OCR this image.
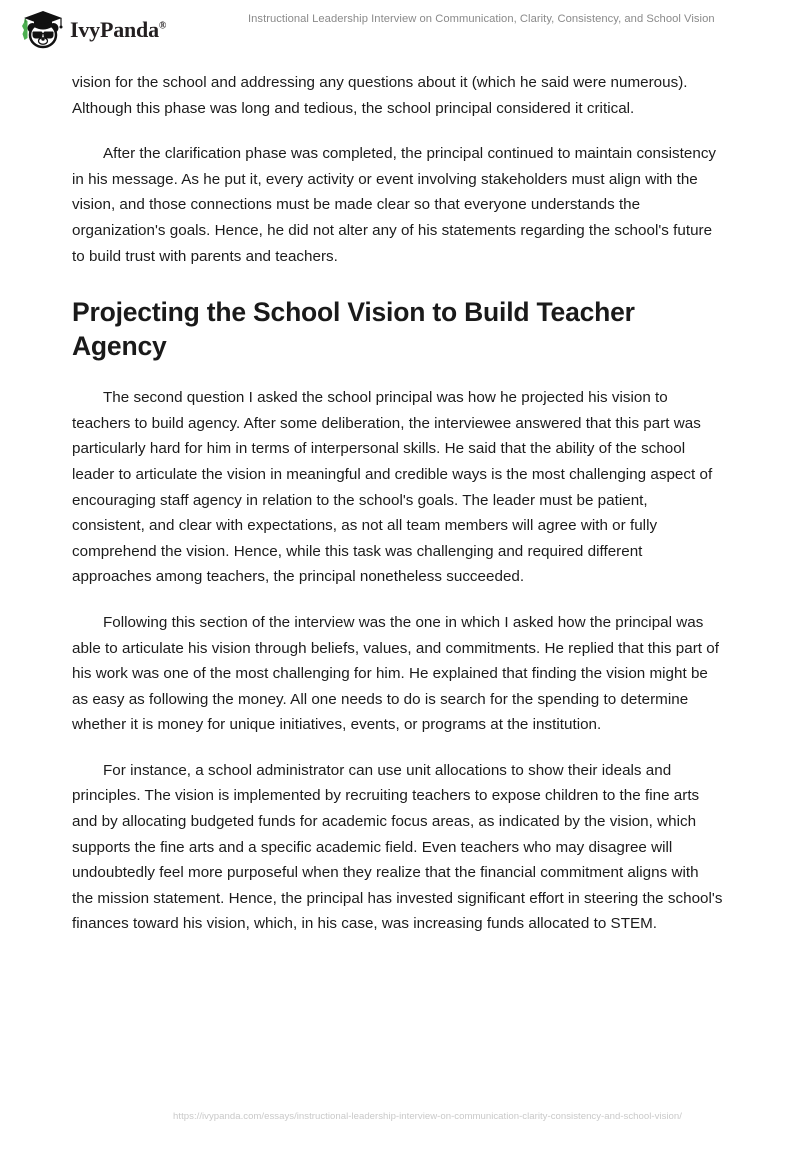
IvyPanda®
Instructional Leadership Interview on Communication, Clarity, Consistency, and School Vision

vision for the school and addressing any questions about it (which he said were numerous). Although this phase was long and tedious, the school principal considered it critical.

After the clarification phase was completed, the principal continued to maintain consistency in his message. As he put it, every activity or event involving stakeholders must align with the vision, and those connections must be made clear so that everyone understands the organization's goals. Hence, he did not alter any of his statements regarding the school's future to build trust with parents and teachers.

Projecting the School Vision to Build Teacher Agency

The second question I asked the school principal was how he projected his vision to teachers to build agency. After some deliberation, the interviewee answered that this part was particularly hard for him in terms of interpersonal skills. He said that the ability of the school leader to articulate the vision in meaningful and credible ways is the most challenging aspect of encouraging staff agency in relation to the school's goals. The leader must be patient, consistent, and clear with expectations, as not all team members will agree with or fully comprehend the vision. Hence, while this task was challenging and required different approaches among teachers, the principal nonetheless succeeded.

Following this section of the interview was the one in which I asked how the principal was able to articulate his vision through beliefs, values, and commitments. He replied that this part of his work was one of the most challenging for him. He explained that finding the vision might be as easy as following the money. All one needs to do is search for the spending to determine whether it is money for unique initiatives, events, or programs at the institution.

For instance, a school administrator can use unit allocations to show their ideals and principles. The vision is implemented by recruiting teachers to expose children to the fine arts and by allocating budgeted funds for academic focus areas, as indicated by the vision, which supports the fine arts and a specific academic field. Even teachers who may disagree will undoubtedly feel more purposeful when they realize that the financial commitment aligns with the mission statement. Hence, the principal has invested significant effort in steering the school's finances toward his vision, which, in his case, was increasing funds allocated to STEM.

https://ivypanda.com/essays/instructional-leadership-interview-on-communication-clarity-consistency-and-school-vision/
